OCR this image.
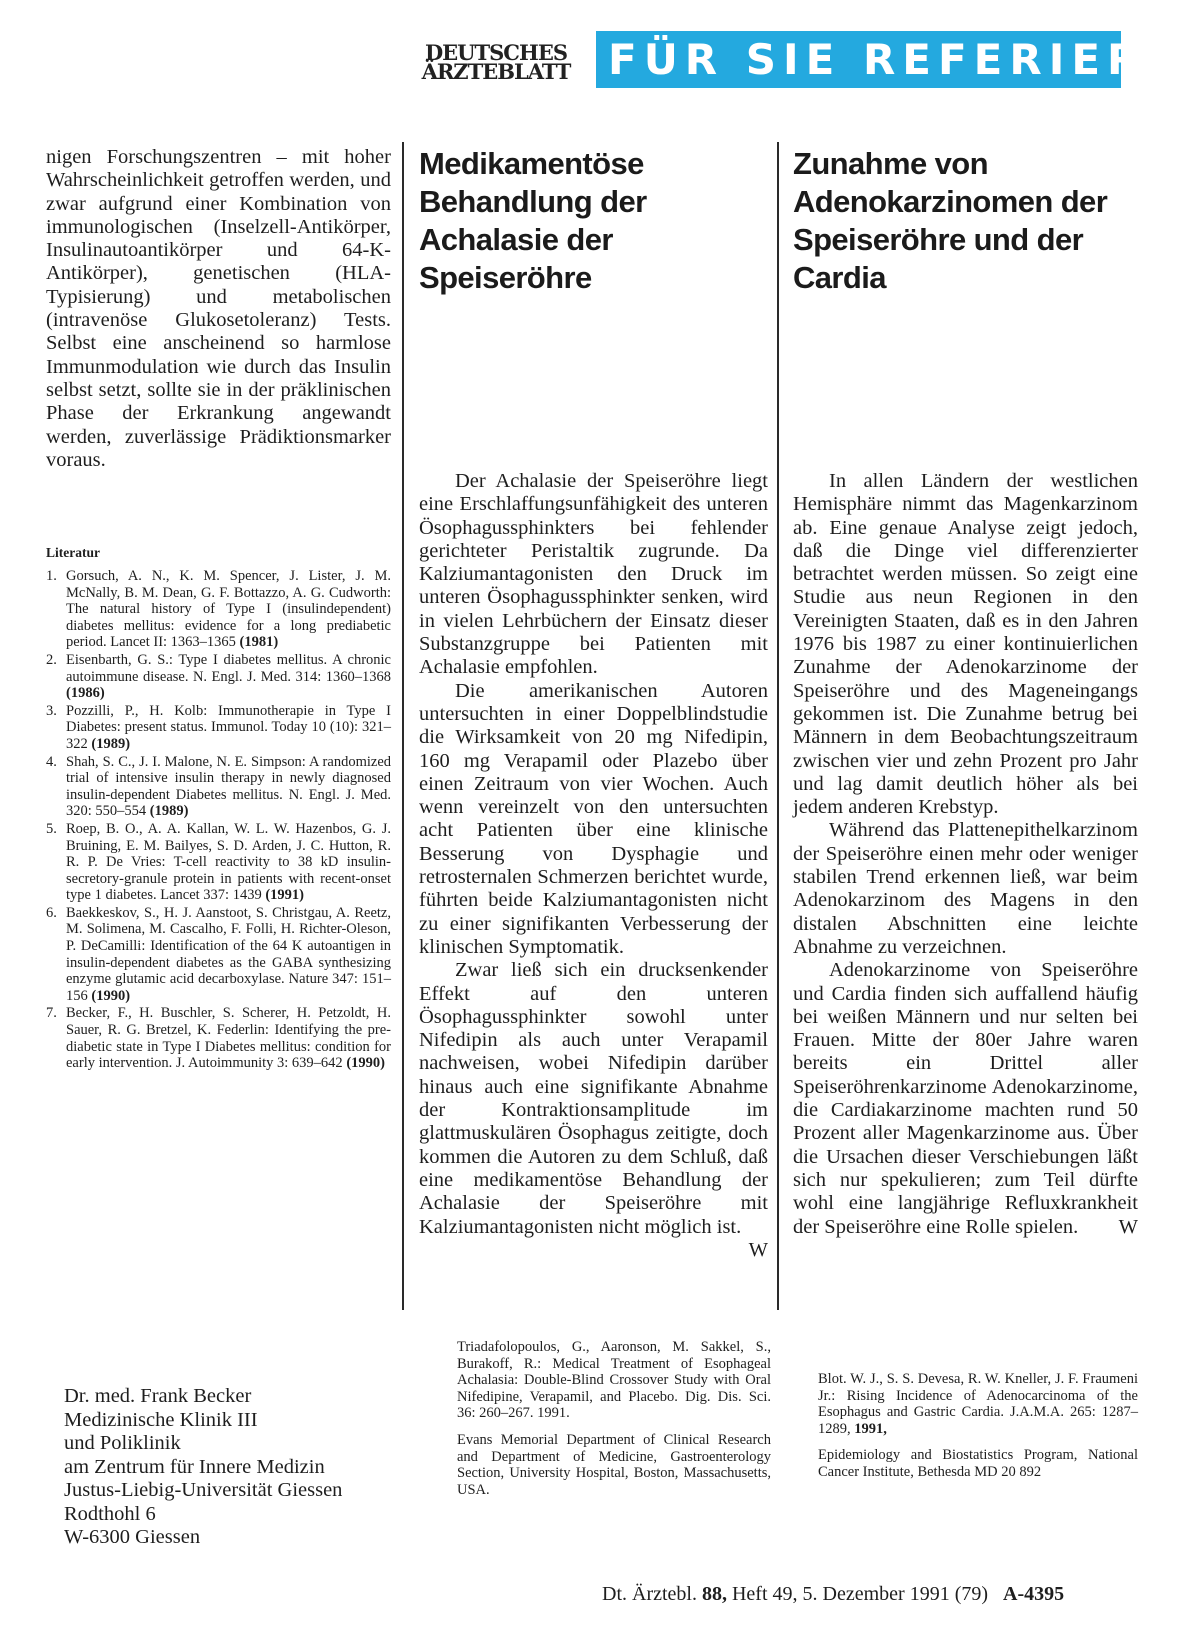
DEUTSCHES
ÄRZTEBLATT FÜR SIE REFERIERT

nigen Forschungszentren – mit hoher Wahrscheinlichkeit getroffen werden, und zwar aufgrund einer Kombination von immunologischen (Inselzell-Antikörper, Insulinautoantikörper und 64-K-Antikörper), genetischen (HLA-Typisierung) und metabolischen (intravenöse Glukosetoleranz) Tests. Selbst eine anscheinend so harmlose Immunmodulation wie durch das Insulin selbst setzt, sollte sie in der präklinischen Phase der Erkrankung angewandt werden, zuverlässige Prädiktionsmarker voraus.

Literatur
1. Gorsuch, A. N., K. M. Spencer, J. Lister, J. M. McNally, B. M. Dean, G. F. Bottazzo, A. G. Cudworth: The natural history of Type I (insulindependent) diabetes mellitus: evidence for a long prediabetic period. Lancet II: 1363–1365 (1981)
2. Eisenbarth, G. S.: Type I diabetes mellitus. A chronic autoimmune disease. N. Engl. J. Med. 314: 1360–1368 (1986)
3. Pozzilli, P., H. Kolb: Immunotherapie in Type I Diabetes: present status. Immunol. Today 10 (10): 321–322 (1989)
4. Shah, S. C., J. I. Malone, N. E. Simpson: A randomized trial of intensive insulin therapy in newly diagnosed insulin-dependent Diabetes mellitus. N. Engl. J. Med. 320: 550–554 (1989)
5. Roep, B. O., A. A. Kallan, W. L. W. Hazenbos, G. J. Bruining, E. M. Bailyes, S. D. Arden, J. C. Hutton, R. R. P. De Vries: T-cell reactivity to 38 kD insulin-secretory-granule protein in patients with recent-onset type 1 diabetes. Lancet 337: 1439 (1991)
6. Baekkeskov, S., H. J. Aanstoot, S. Christgau, A. Reetz, M. Solimena, M. Cascalho, F. Folli, H. Richter-Oleson, P. DeCamilli: Identification of the 64 K autoantigen in insulin-dependent diabetes as the GABA synthesizing enzyme glutamic acid decarboxylase. Nature 347: 151–156 (1990)
7. Becker, F., H. Buschler, S. Scherer, H. Petzoldt, H. Sauer, R. G. Bretzel, K. Federlin: Identifying the pre-diabetic state in Type I Diabetes mellitus: condition for early intervention. J. Autoimmunity 3: 639–642 (1990)
Dr. med. Frank Becker
Medizinische Klinik III
und Poliklinik
am Zentrum für Innere Medizin
Justus-Liebig-Universität Giessen
Rodthohl 6
W-6300 Giessen
Medikamentöse Behandlung der Achalasie der Speiseröhre

Der Achalasie der Speiseröhre liegt eine Erschlaffungsunfähigkeit des unteren Ösophagussphinkters bei fehlender gerichteter Peristaltik zugrunde. Da Kalziumantagonisten den Druck im unteren Ösophagussphinkter senken, wird in vielen Lehrbüchern der Einsatz dieser Substanzgruppe bei Patienten mit Achalasie empfohlen.

Die amerikanischen Autoren untersuchten in einer Doppelblindstudie die Wirksamkeit von 20 mg Nifedipin, 160 mg Verapamil oder Plazebo über einen Zeitraum von vier Wochen. Auch wenn vereinzelt von den untersuchten acht Patienten über eine klinische Besserung von Dysphagie und retrosternalen Schmerzen berichtet wurde, führten beide Kalziumantagonisten nicht zu einer signifikanten Verbesserung der klinischen Symptomatik.

Zwar ließ sich ein drucksenkender Effekt auf den unteren Ösophagussphinkter sowohl unter Nifedipin als auch unter Verapamil nachweisen, wobei Nifedipin darüber hinaus auch eine signifikante Abnahme der Kontraktionsamplitude im glattmuskulären Ösophagus zeitigte, doch kommen die Autoren zu dem Schluß, daß eine medikamentöse Behandlung der Achalasie der Speiseröhre mit Kalziumantagonisten nicht möglich ist.
W

Triadafolopoulos, G., Aaronson, M. Sakkel, S., Burakoff, R.: Medical Treatment of Esophageal Achalasia: Double-Blind Crossover Study with Oral Nifedipine, Verapamil, and Placebo. Dig. Dis. Sci. 36: 260–267. 1991.

Evans Memorial Department of Clinical Research and Department of Medicine, Gastroenterology Section, University Hospital, Boston, Massachusetts, USA.

Zunahme von Adenokarzinomen der Speiseröhre und der Cardia

In allen Ländern der westlichen Hemisphäre nimmt das Magenkarzinom ab. Eine genaue Analyse zeigt jedoch, daß die Dinge viel differenzierter betrachtet werden müssen. So zeigt eine Studie aus neun Regionen in den Vereinigten Staaten, daß es in den Jahren 1976 bis 1987 zu einer kontinuierlichen Zunahme der Adenokarzinome der Speiseröhre und des Mageneingangs gekommen ist. Die Zunahme betrug bei Männern in dem Beobachtungszeitraum zwischen vier und zehn Prozent pro Jahr und lag damit deutlich höher als bei jedem anderen Krebstyp.

Während das Plattenepithelkarzinom der Speiseröhre einen mehr oder weniger stabilen Trend erkennen ließ, war beim Adenokarzinom des Magens in den distalen Abschnitten eine leichte Abnahme zu verzeichnen.

Adenokarzinome von Speiseröhre und Cardia finden sich auffallend häufig bei weißen Männern und nur selten bei Frauen. Mitte der 80er Jahre waren bereits ein Drittel aller Speiseröhrenkarzinome Adenokarzinome, die Cardiakarzinome machten rund 50 Prozent aller Magenkarzinome aus. Über die Ursachen dieser Verschiebungen läßt sich nur spekulieren; zum Teil dürfte wohl eine langjährige Refluxkrankheit der Speiseröhre eine Rolle spielen.	W

Blot. W. J., S. S. Devesa, R. W. Kneller, J. F. Fraumeni Jr.: Rising Incidence of Adenocarcinoma of the Esophagus and Gastric Cardia. J.A.M.A. 265: 1287–1289, 1991,

Epidemiology and Biostatistics Program, National Cancer Institute, Bethesda MD 20 892

Dt. Ärztebl. 88, Heft 49, 5. Dezember 1991 (79) A-4395
